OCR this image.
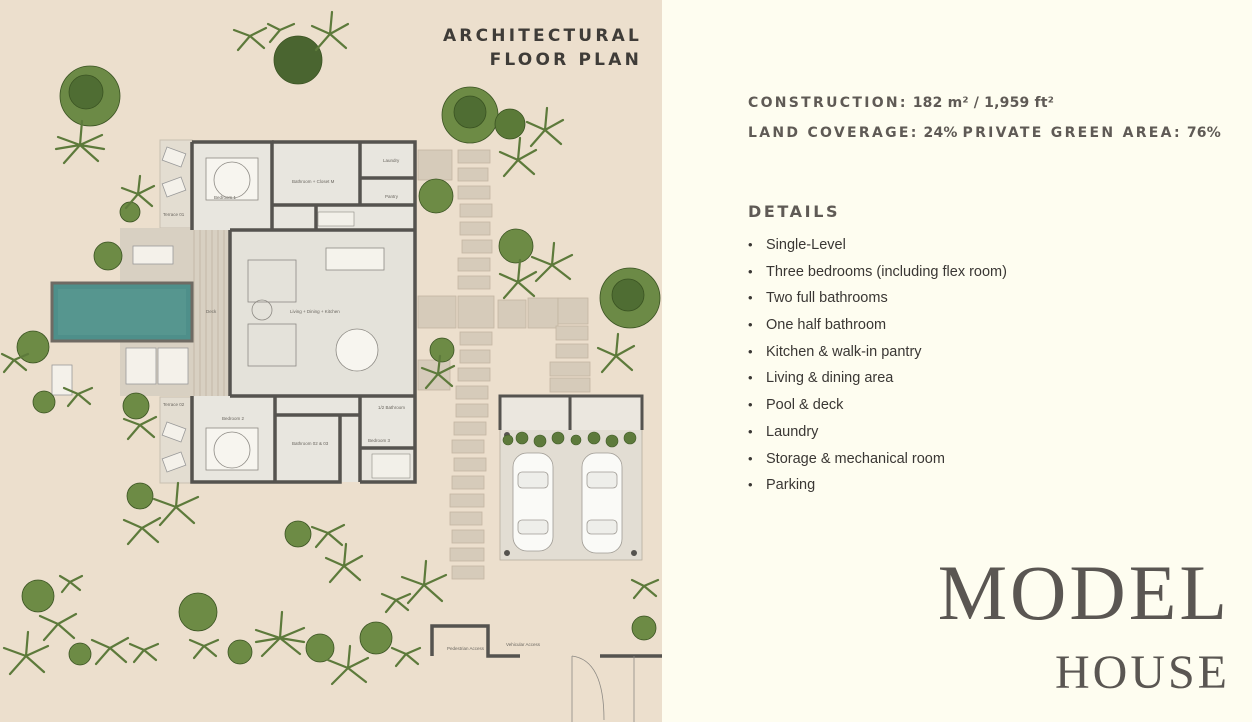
Bedroom 1
Bathroom + Closet M
Laundry
Pantry
Terrace 01
Terrace 02
Deck	Living + Dining + Kitchen
Bedroom 2
Bathroom 02 & 03
Bedroom 3
1/2 Bathroom
Pedestrian Access
Vehicular Access
ARCHITECTURAL
FLOOR PLAN
CONSTRUCTION: 182 m² / 1,959 ft²
LAND COVERAGE: 24% PRIVATE GREEN AREA: 76%
DETAILS
• Single-Level
• Three bedrooms (including flex room)
• Two full bathrooms
• One half bathroom
• Kitchen & walk-in pantry
• Living & dining area
• Pool & deck
• Laundry
• Storage & mechanical room
• Parking
MODEL
HOUSE
